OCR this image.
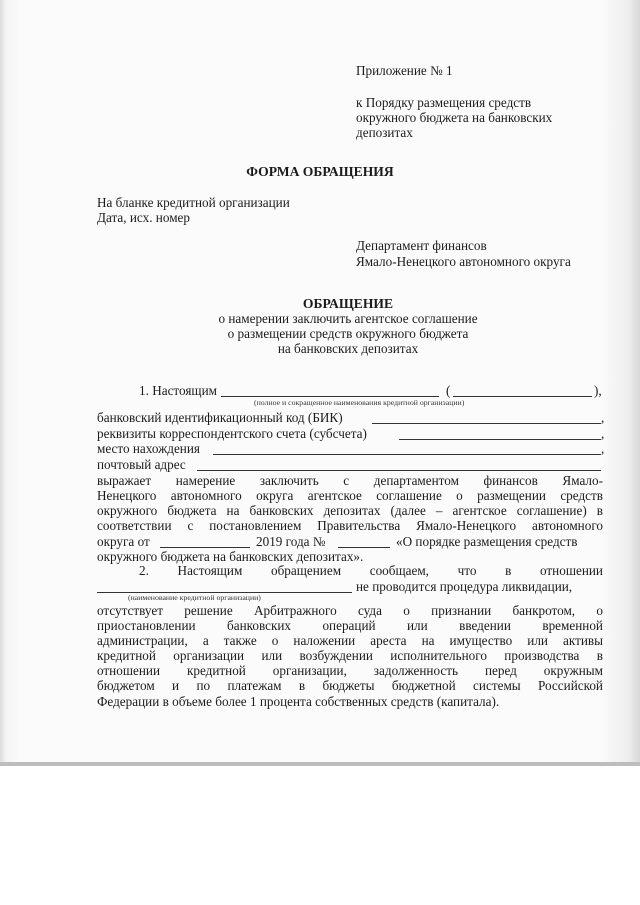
Приложение № 1
к Порядку размещения средств
окружного бюджета на банковских
депозитах
ФОРМА ОБРАЩЕНИЯ
На бланке кредитной организации
Дата, исх. номер
Департамент финансов
Ямало-Ненецкого автономного округа
ОБРАЩЕНИЕ
о намерении заключить агентское соглашение
о размещении средств окружного бюджета
на банковских депозитах
1. Настоящим	(	),
(полное и сокращенное наименования кредитной организации)
банковский идентификационный код (БИК)	,
реквизиты корреспондентского счета (субсчета)	,
место нахождения	,
почтовый адрес
выражает намерение заключить с департаментом финансов Ямало-
Ненецкого автономного округа агентское соглашение о размещении средств
окружного бюджета на банковских депозитах (далее – агентское соглашение) в
соответствии с постановлением Правительства Ямало-Ненецкого автономного
округа от	2019 года №	«О порядке размещения средств
окружного бюджета на банковских депозитах».
2. Настоящим обращением сообщаем, что в отношении
не проводится процедура ликвидации,
(наименование кредитной организации)
отсутствует решение Арбитражного суда о признании банкротом, о
приостановлении банковских операций или введении временной
администрации, а также о наложении ареста на имущество или активы
кредитной организации или возбуждении исполнительного производства в
отношении кредитной организации, задолженность перед окружным
бюджетом и по платежам в бюджеты бюджетной системы Российской
Федерации в объеме более 1 процента собственных средств (капитала).
